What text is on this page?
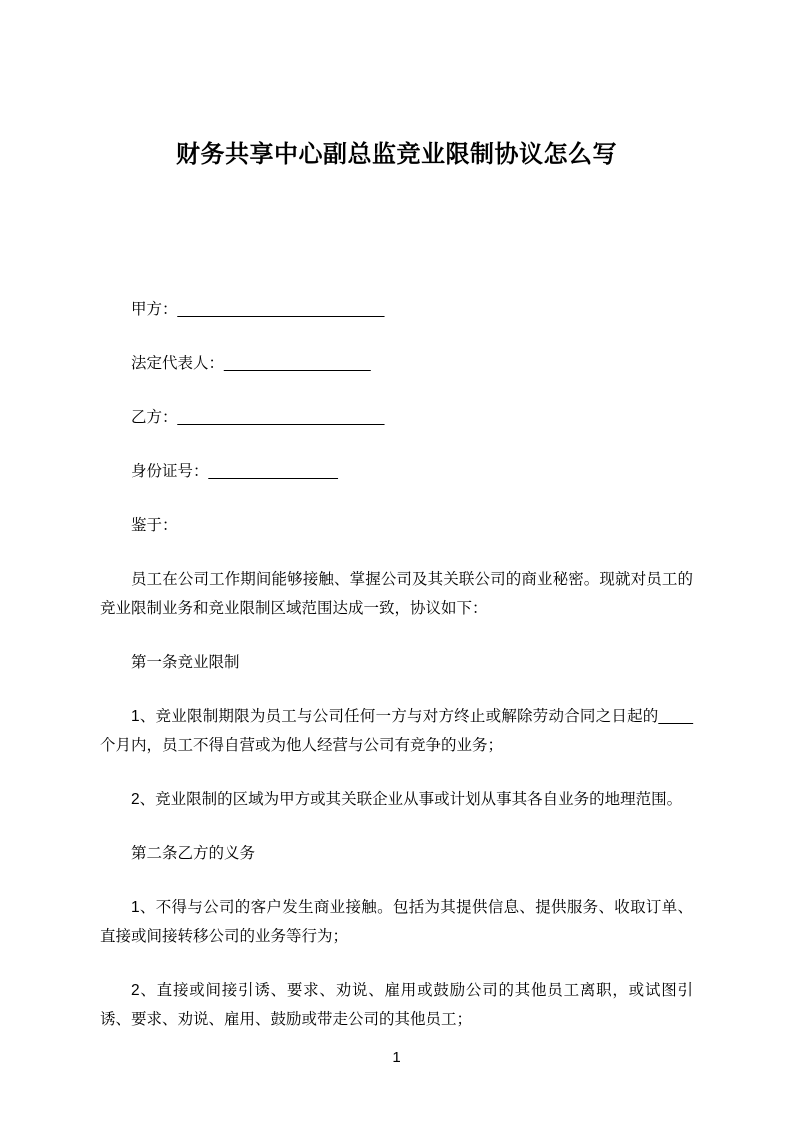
财务共享中心副总监竞业限制协议怎么写

甲方：________________________

法定代表人：_________________

乙方：________________________

身份证号：_______________

鉴于：

员工在公司工作期间能够接触、掌握公司及其关联公司的商业秘密。现就对员工的竞业限制业务和竞业限制区域范围达成一致，协议如下：

第一条竞业限制

1、竞业限制期限为员工与公司任何一方与对方终止或解除劳动合同之日起的____个月内，员工不得自营或为他人经营与公司有竞争的业务；

2、竞业限制的区域为甲方或其关联企业从事或计划从事其各自业务的地理范围。

第二条乙方的义务

1、不得与公司的客户发生商业接触。包括为其提供信息、提供服务、收取订单、直接或间接转移公司的业务等行为；

2、直接或间接引诱、要求、劝说、雇用或鼓励公司的其他员工离职，或试图引诱、要求、劝说、雇用、鼓励或带走公司的其他员工；

1
